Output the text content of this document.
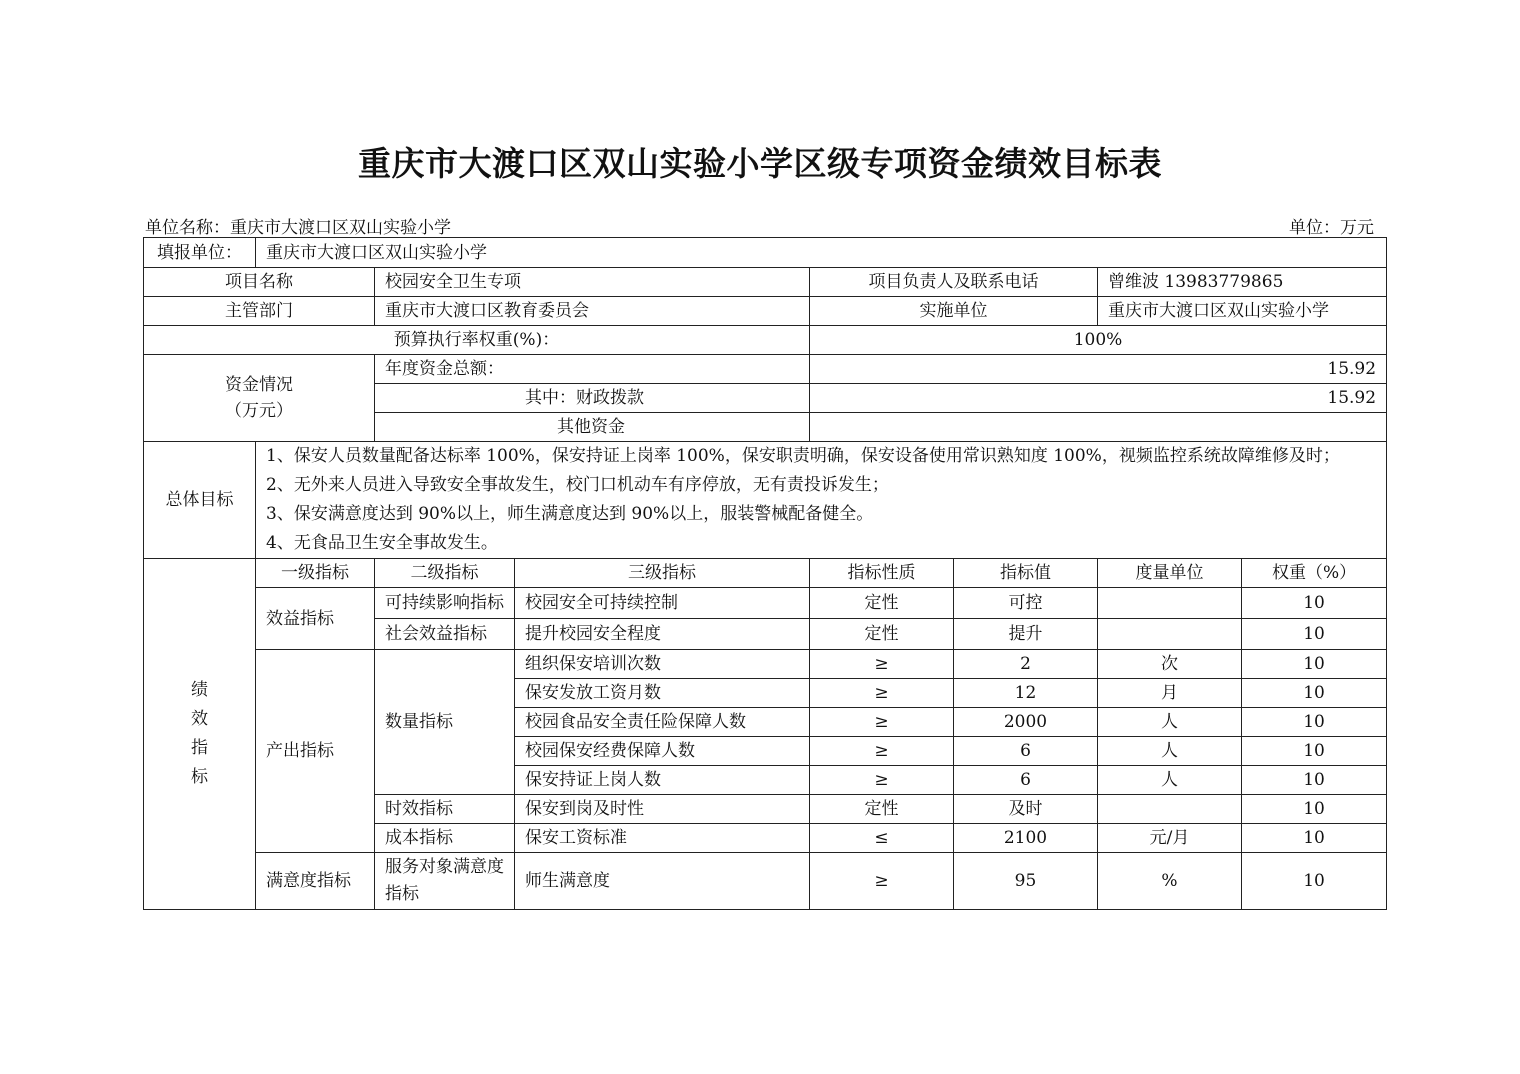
重庆市大渡口区双山实验小学区级专项资金绩效目标表
单位名称：重庆市大渡口区双山实验小学	单位：万元
填报单位：	重庆市大渡口区双山实验小学						
项目名称		校园安全卫生专项		项目负责人及联系电话		曾维波 13983779865	
主管部门		重庆市大渡口区教育委员会		实施单位		重庆市大渡口区双山实验小学	
预算执行率权重(%)：				100%			

资金情况
（万元）		年度资金总额：		15.92			
		其中：财政拨款		15.92			
		其他资金					
总体目标	1、保安人员数量配备达标率 100%，保安持证上岗率 100%，保安职责明确，保安设备使用常识熟知度 100%，视频监控系统故障维修及时；
2、无外来人员进入导致安全事故发生，校门口机动车有序停放，无有责投诉发生；
3、保安满意度达到 90%以上，师生满意度达到 90%以上，服装警械配备健全。
4、无食品卫生安全事故发生。						

绩
效
指
标	一级指标	二级指标	三级指标	指标性质	指标值	度量单位	权重（%）
	效益指标	可持续影响指标	校园安全可持续控制	定性	可控		10
		社会效益指标	提升校园安全程度	定性	提升		10
	产出指标	数量指标	组织保安培训次数	≥	2	次	10
			保安发放工资月数	≥	12	月	10
			校园食品安全责任险保障人数	≥	2000	人	10
			校园保安经费保障人数	≥	6	人	10
			保安持证上岗人数	≥	6	人	10
		时效指标	保安到岗及时性	定性	及时		10
		成本指标	保安工资标准	≤	2100	元/月	10
	满意度指标	服务对象满意度指标	师生满意度	≥	95	%	10
